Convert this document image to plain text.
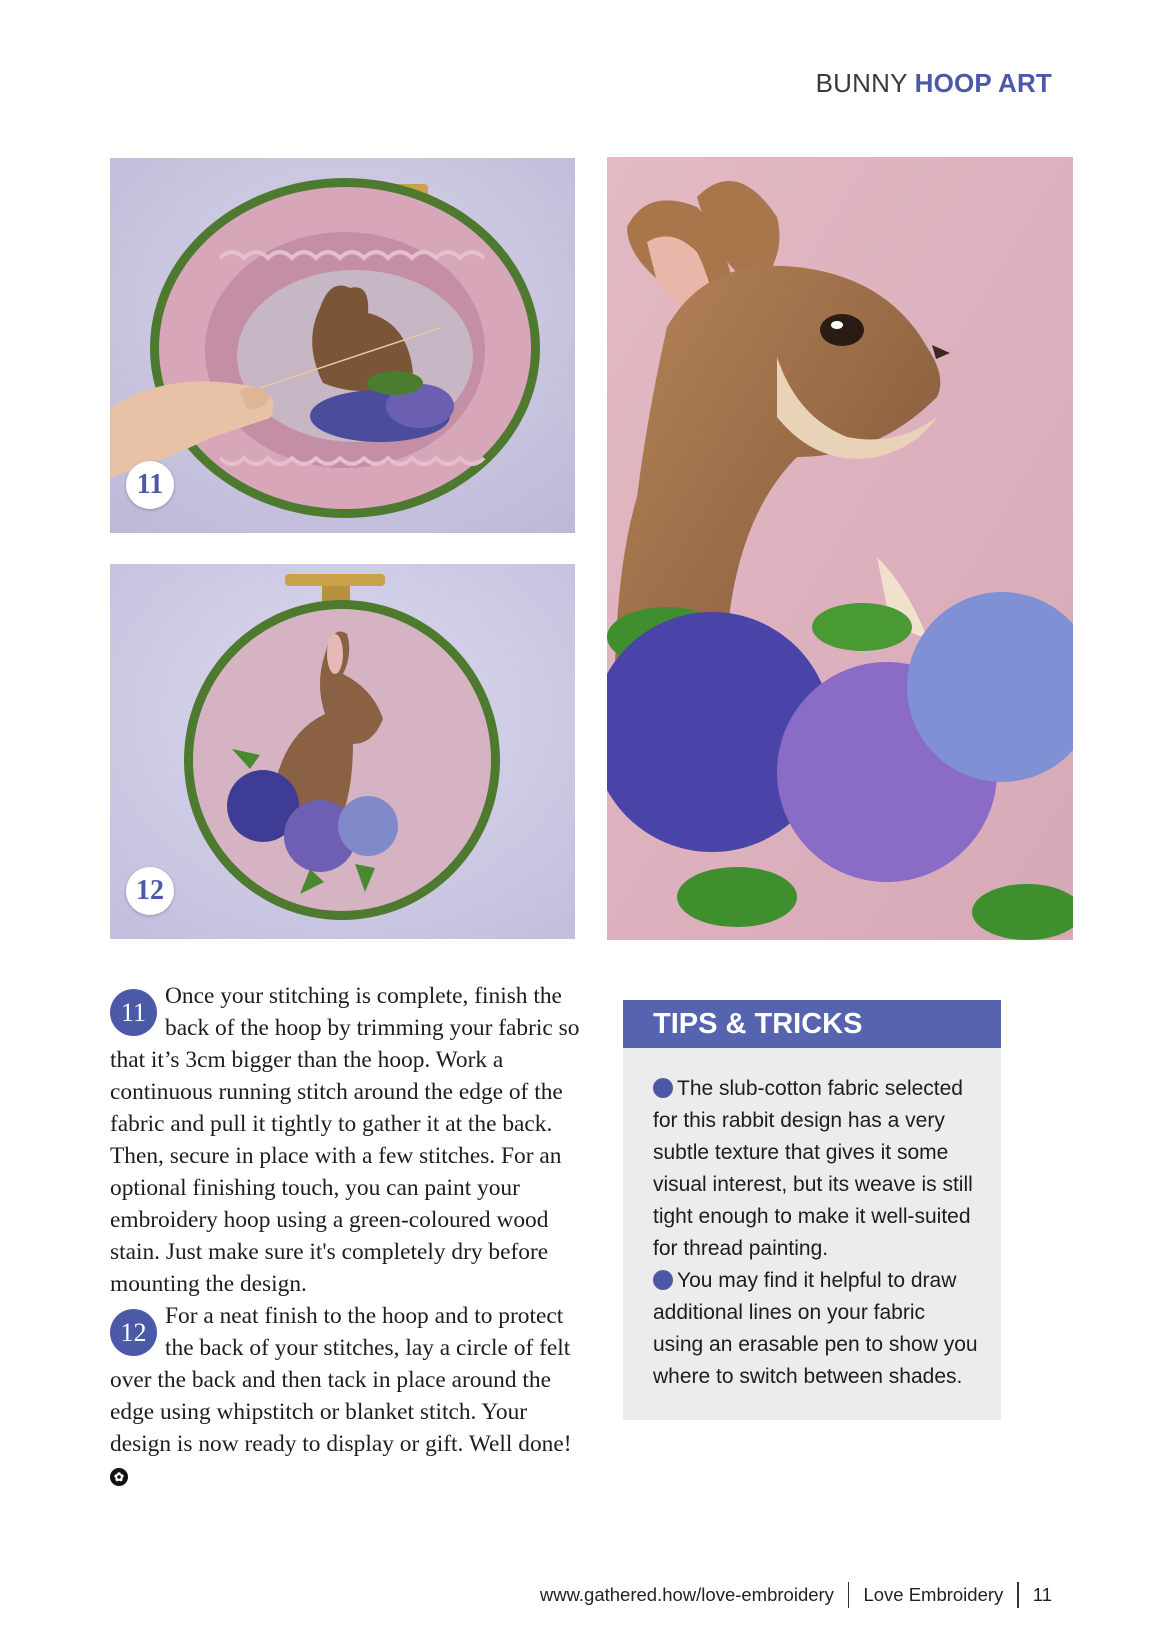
BUNNY HOOP ART
11
12

11
Once your stitching is complete, finish the back of the hoop by trimming your fabric so that it’s 3cm bigger than the hoop. Work a continuous running stitch around the edge of the fabric and pull it tightly to gather it at the back. Then, secure in place with a few stitches. For an optional finishing touch, you can paint your embroidery hoop using a green-coloured wood stain. Just make sure it's completely dry before mounting the design.

12
For a neat finish to the hoop and to protect the back of your stitches, lay a circle of felt over the back and then tack in place around the edge using whipstitch or blanket stitch. Your design is now ready to display or gift. Well done! ✿

TIPS & TRICKS

The slub-cotton fabric selected for this rabbit design has a very subtle texture that gives it some visual interest, but its weave is still tight enough to make it well-suited for thread painting.

You may find it helpful to draw additional lines on your fabric using an erasable pen to show you where to switch between shades.

www.gathered.how/love-embroidery Love Embroidery 11
